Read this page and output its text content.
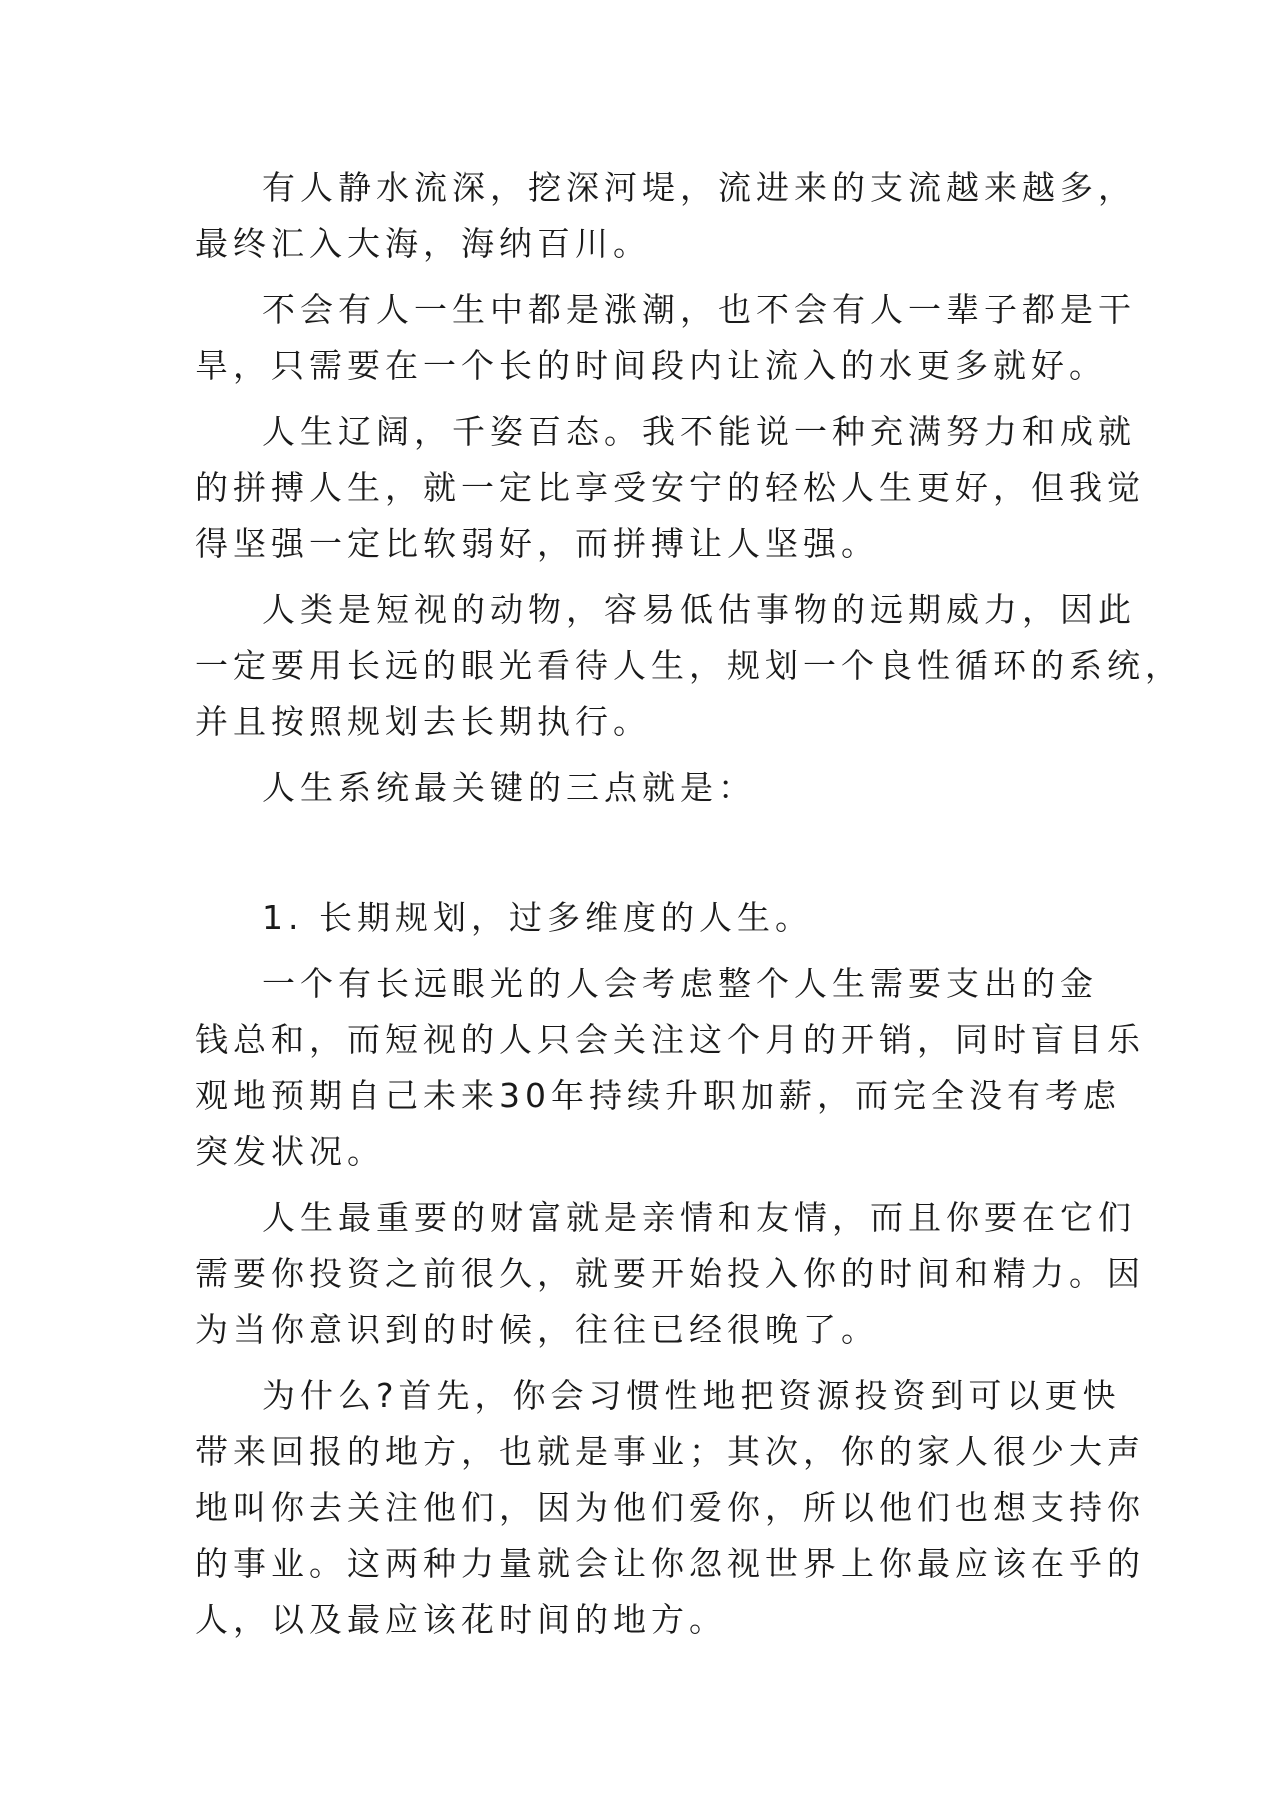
有人静水流深，挖深河堤，流进来的支流越来越多，
最终汇入大海，海纳百川。
不会有人一生中都是涨潮，也不会有人一辈子都是干
旱，只需要在一个长的时间段内让流入的水更多就好。
人生辽阔，千姿百态。我不能说一种充满努力和成就
的拼搏人生，就一定比享受安宁的轻松人生更好，但我觉
得坚强一定比软弱好，而拼搏让人坚强。
人类是短视的动物，容易低估事物的远期威力，因此
一定要用长远的眼光看待人生，规划一个良性循环的系统，
并且按照规划去长期执行。
人生系统最关键的三点就是：
1. 长期规划，过多维度的人生。
一个有长远眼光的人会考虑整个人生需要支出的金
钱总和，而短视的人只会关注这个月的开销，同时盲目乐
观地预期自己未来30年持续升职加薪，而完全没有考虑
突发状况。
人生最重要的财富就是亲情和友情，而且你要在它们
需要你投资之前很久，就要开始投入你的时间和精力。因
为当你意识到的时候，往往已经很晚了。
为什么?首先，你会习惯性地把资源投资到可以更快
带来回报的地方，也就是事业；其次，你的家人很少大声
地叫你去关注他们，因为他们爱你，所以他们也想支持你
的事业。这两种力量就会让你忽视世界上你最应该在乎的
人，以及最应该花时间的地方。
